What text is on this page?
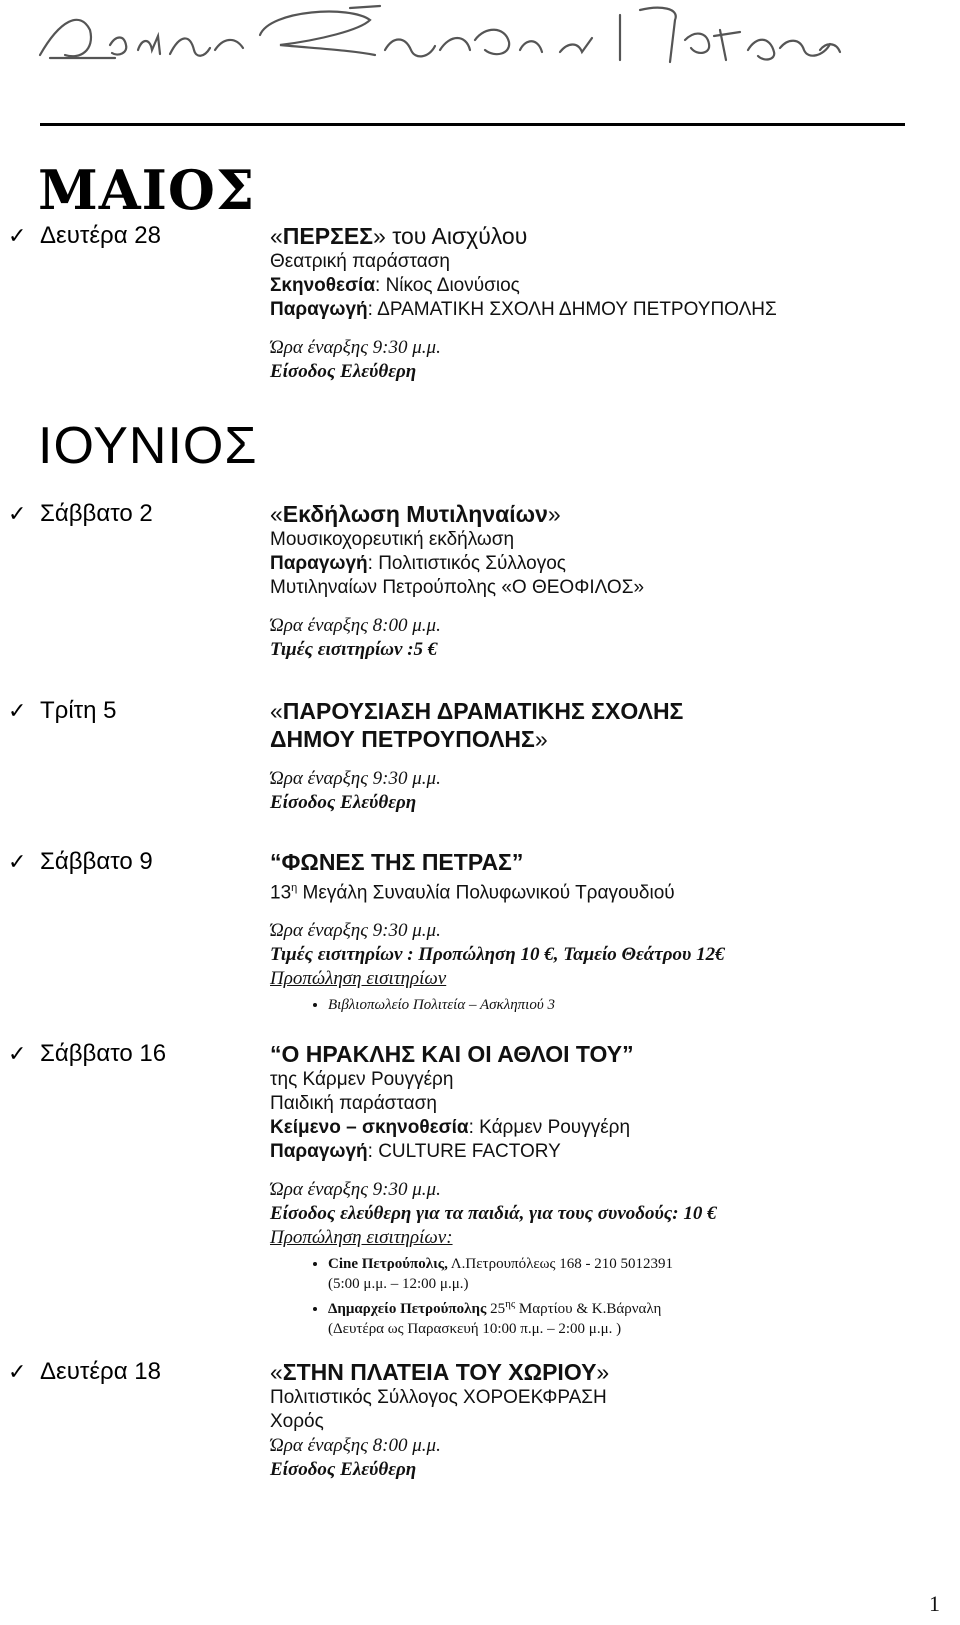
ΜΑΙΟΣ
✓ Δευτέρα 28	«ΠΕΡΣΕΣ» του Αισχύλου
Θεατρική παράσταση
Σκηνοθεσία: Νίκος Διονύσιος
Παραγωγή: ΔΡΑΜΑΤΙΚΗ ΣΧΟΛΗ ΔΗΜΟΥ ΠΕΤΡΟΥΠΟΛΗΣ
Ώρα έναρξης 9:30 μ.μ.
Είσοδος Ελεύθερη
ΙΟΥΝΙΟΣ
✓ Σάββατο 2	«Εκδήλωση Μυτιληναίων»
Μουσικοχορευτική εκδήλωση
Παραγωγή: Πολιτιστικός Σύλλογος
Μυτιληναίων Πετρούπολης «Ο ΘΕΟΦΙΛΟΣ»
Ώρα έναρξης 8:00 μ.μ.
Τιμές εισιτηρίων :5 €
✓ Τρίτη 5	«ΠΑΡΟΥΣΙΑΣΗ ΔΡΑΜΑΤΙΚΗΣ ΣΧΟΛΗΣ
ΔΗΜΟΥ ΠΕΤΡΟΥΠΟΛΗΣ»
Ώρα έναρξης 9:30 μ.μ.
Είσοδος Ελεύθερη
✓ Σάββατο 9	“ΦΩΝΕΣ ΤΗΣ ΠΕΤΡΑΣ”
$13^\eta$ Μεγάλη Συναυλία Πολυφωνικού Τραγουδιού
Ώρα έναρξης 9:30 μ.μ.
Τιμές εισιτηρίων : Προπώληση 10 €, Ταμείο Θεάτρου 12€
Προπώληση εισιτηρίων
• Βιβλιοπωλείο Πολιτεία – Ασκληπιού 3
✓ Σάββατο 16	“Ο ΗΡΑΚΛΗΣ ΚΑΙ ΟΙ ΑΘΛΟΙ ΤΟΥ”
της Κάρμεν Ρουγγέρη
Παιδική παράσταση
Κείμενο – σκηνοθεσία: Κάρμεν Ρουγγέρη
Παραγωγή: CULTURE FACTORY
Ώρα έναρξης 9:30 μ.μ.
Είσοδος ελεύθερη για τα παιδιά, για τους συνοδούς: 10 €
Προπώληση εισιτηρίων:
• Cine Πετρούπολις, Λ.Πετρουπόλεως 168 - 210 5012391
(5:00 μ.μ. – 12:00 μ.μ.)
• Δημαρχείο Πετρούπολης $25^{\eta\varsigma}$ Μαρτίου & Κ.Βάρναλη
(Δευτέρα ως Παρασκευή 10:00 π.μ. – 2:00 μ.μ. )
✓ Δευτέρα 18	«ΣΤΗΝ ΠΛΑΤΕΙΑ ΤΟΥ ΧΩΡΙΟΥ»
Πολιτιστικός Σύλλογος ΧΟΡΟΕΚΦΡΑΣΗ
Χορός
Ώρα έναρξης 8:00 μ.μ.
Είσοδος Ελεύθερη
1
